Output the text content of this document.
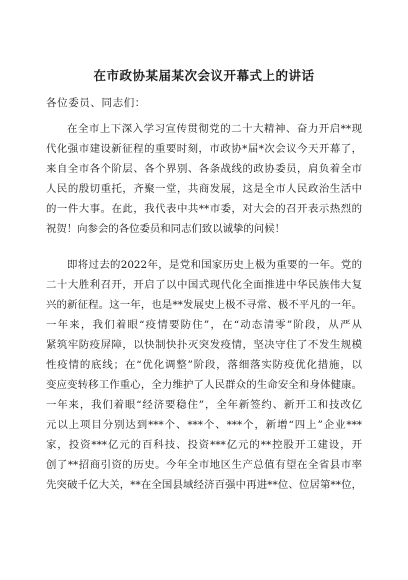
在市政协某届某次会议开幕式上的讲话
各位委员、同志们：
在全市上下深入学习宣传贯彻党的二十大精神、奋力开启**现
代化强市建设新征程的重要时刻，市政协*届*次会议今天开幕了，
来自全市各个阶层、各个界别、各条战线的政协委员，肩负着全市
人民的殷切重托，齐聚一堂，共商发展，这是全市人民政治生活中
的一件大事。在此，我代表中共**市委，对大会的召开表示热烈的
祝贺！向参会的各位委员和同志们致以诚挚的问候！
即将过去的2022年，是党和国家历史上极为重要的一年。党的
二十大胜利召开，开启了以中国式现代化全面推进中华民族伟大复
兴的新征程。这一年，也是**发展史上极不寻常、极不平凡的一年。
一年来，我们着眼“疫情要防住”，在“动态清零”阶段，从严从
紧筑牢防疫屏障，以快制快扑灭突发疫情，坚决守住了不发生规模
性疫情的底线；在“优化调整”阶段，落细落实防疫优化措施，以
变应变转移工作重心，全力维护了人民群众的生命安全和身体健康。
一年来，我们着眼“经济要稳住”，全年新签约、新开工和技改亿
元以上项目分别达到***个、***个、***个，新增“四上”企业***
家，投资***亿元的百科技、投资***亿元的**控股开工建设，开
创了**招商引资的历史。今年全市地区生产总值有望在全省县市率
先突破千亿大关，**在全国县域经济百强中再进**位、位居第**位，
